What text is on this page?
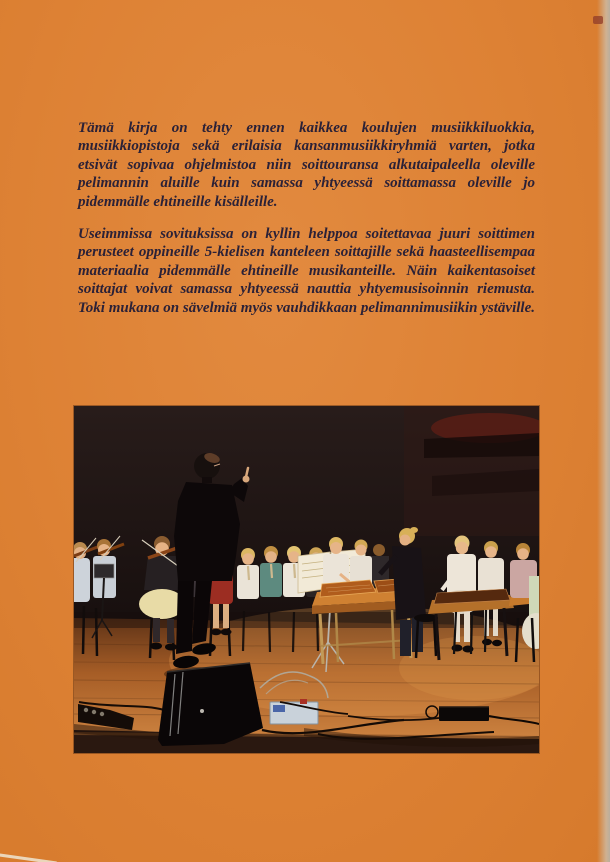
Tämä kirja on tehty ennen kaikkea koulujen musiikkiluokkia, musiikkiopistoja sekä erilaisia kansanmusiikkiryhmiä varten, jotka etsivät sopivaa ohjelmistoa niin soittouransa alkutaipaleella oleville pelimannin aluille kuin samassa yhtyeessä soittamassa oleville jo pidemmälle ehtineille kisälleille.

Useimmissa sovituksissa on kyllin helppoa soitettavaa juuri soittimen perusteet oppineille 5-kielisen kanteleen soittajille sekä haasteellisempaa materiaalia pidemmälle ehtineille musikanteille. Näin kaikentasoiset soittajat voivat samassa yhtyeessä nauttia yhtyemusisoinnin riemusta. Toki mukana on sävelmiä myös vauhdikkaan pelimannimusiikin ystäville.
